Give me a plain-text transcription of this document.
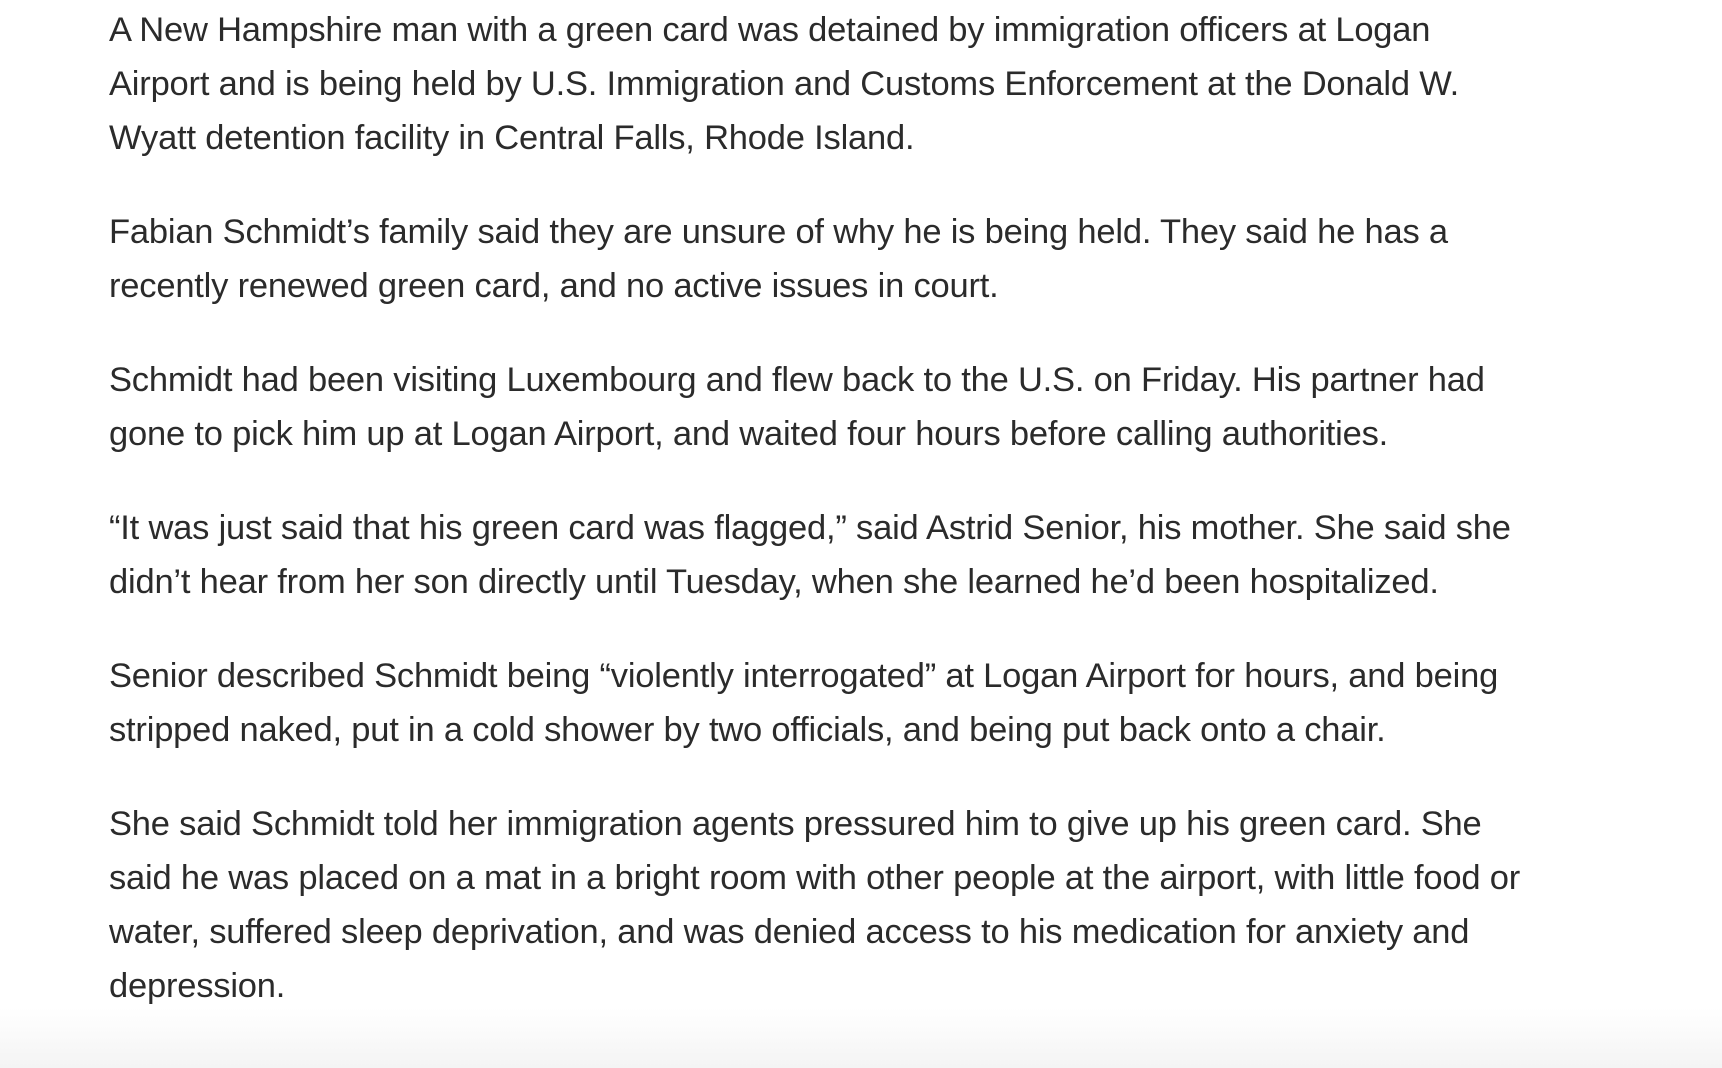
A New Hampshire man with a green card was detained by immigration officers at Logan Airport and is being held by U.S. Immigration and Customs Enforcement at the Donald W. Wyatt detention facility in Central Falls, Rhode Island.

Fabian Schmidt’s family said they are unsure of why he is being held. They said he has a recently renewed green card, and no active issues in court.

Schmidt had been visiting Luxembourg and flew back to the U.S. on Friday. His partner had gone to pick him up at Logan Airport, and waited four hours before calling authorities.

“It was just said that his green card was flagged,” said Astrid Senior, his mother. She said she didn’t hear from her son directly until Tuesday, when she learned he’d been hospitalized.

Senior described Schmidt being “violently interrogated” at Logan Airport for hours, and being stripped naked, put in a cold shower by two officials, and being put back onto a chair.

She said Schmidt told her immigration agents pressured him to give up his green card. She said he was placed on a mat in a bright room with other people at the airport, with little food or water, suffered sleep deprivation, and was denied access to his medication for anxiety and depression.
